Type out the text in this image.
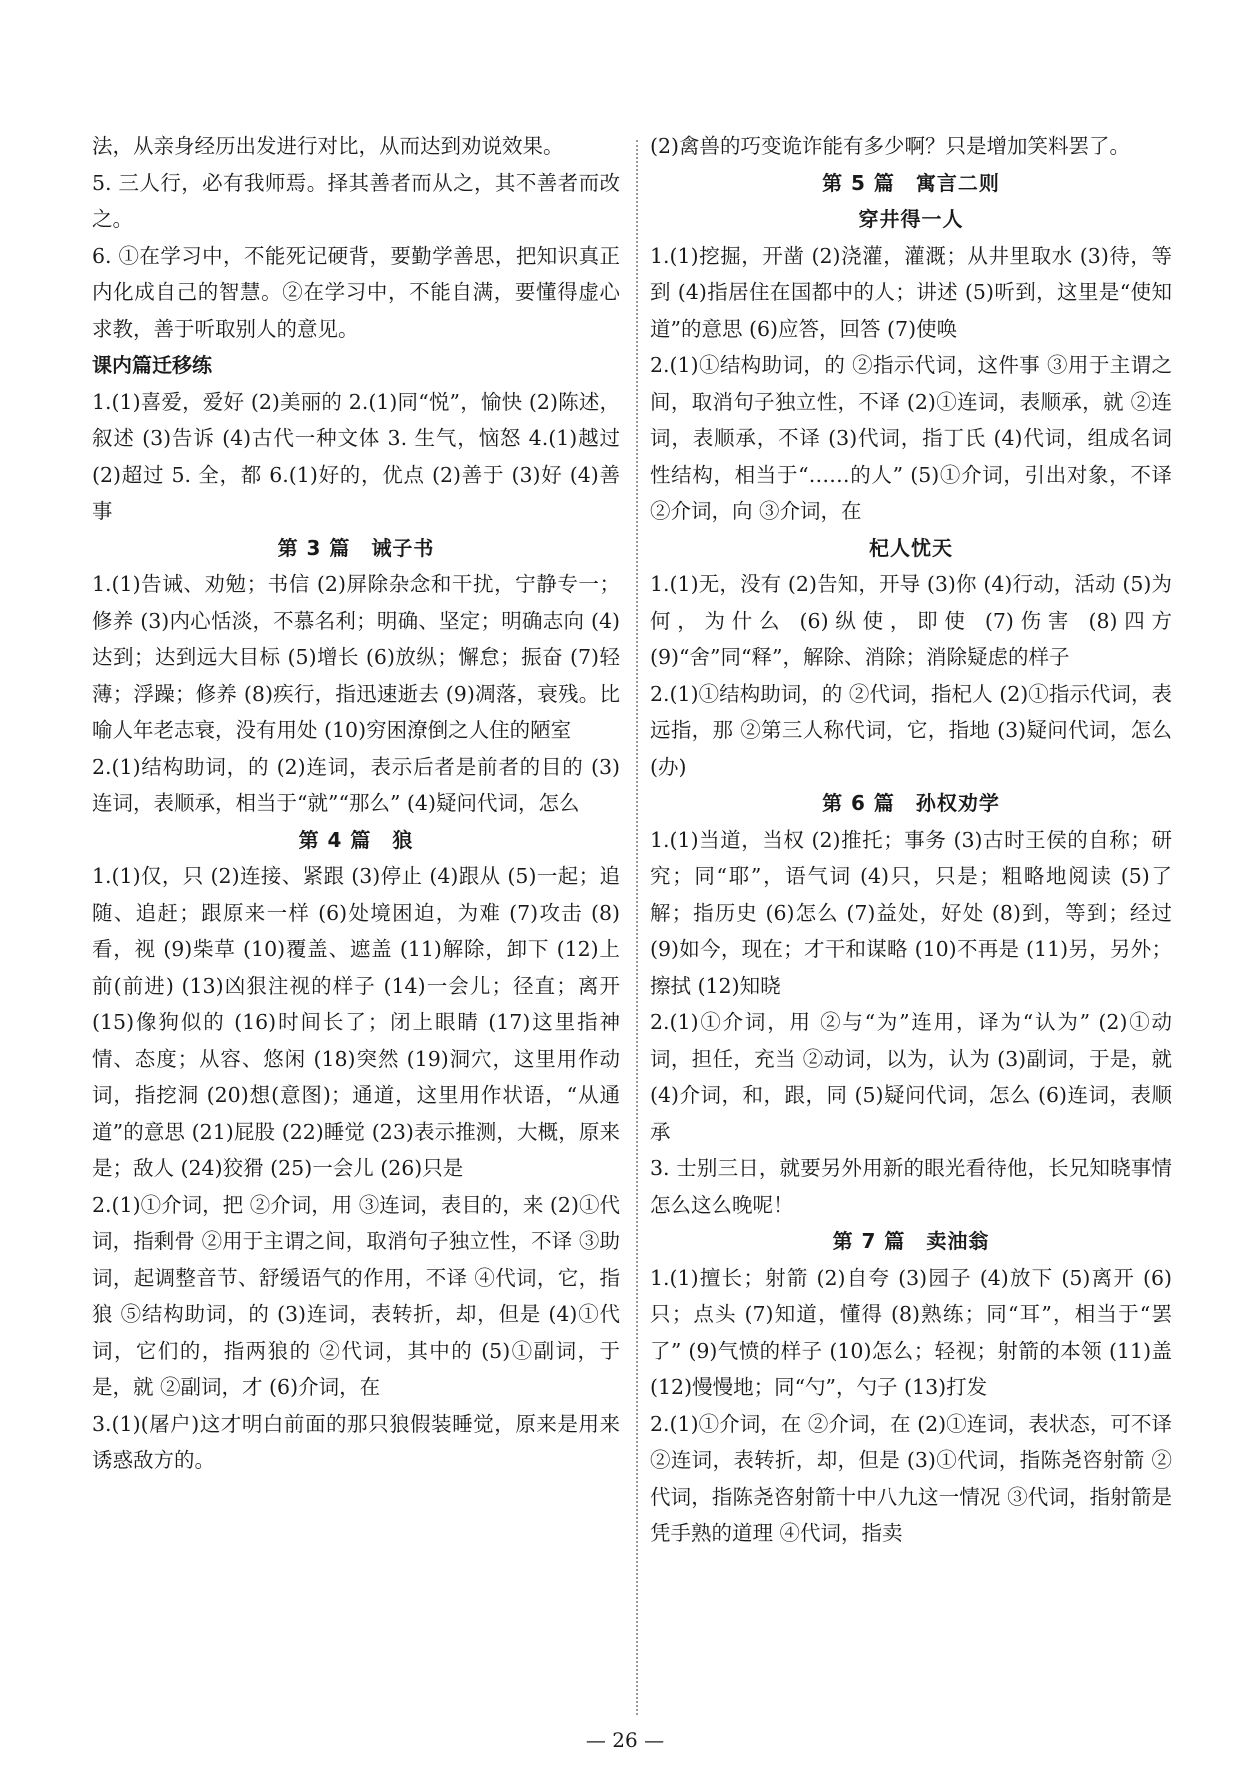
法，从亲身经历出发进行对比，从而达到劝说效果。
5. 三人行，必有我师焉。择其善者而从之，其不善者而改之。
6. ①在学习中，不能死记硬背，要勤学善思，把知识真正内化成自己的智慧。②在学习中，不能自满，要懂得虚心求教，善于听取别人的意见。
课内篇迁移练
1.(1)喜爱，爱好 (2)美丽的 2.(1)同“悦”，愉快 (2)陈述，叙述 (3)告诉 (4)古代一种文体 3. 生气，恼怒 4.(1)越过 (2)超过 5. 全，都 6.(1)好的，优点 (2)善于 (3)好 (4)善事
第 3 篇　诫子书
1.(1)告诫、劝勉；书信 (2)屏除杂念和干扰，宁静专一；修养 (3)内心恬淡，不慕名利；明确、坚定；明确志向 (4)达到；达到远大目标 (5)增长 (6)放纵；懈怠；振奋 (7)轻薄；浮躁；修养 (8)疾行，指迅速逝去 (9)凋落，衰残。比喻人年老志衰，没有用处 (10)穷困潦倒之人住的陋室
2.(1)结构助词，的 (2)连词，表示后者是前者的目的 (3)连词，表顺承，相当于“就”“那么” (4)疑问代词，怎么
第 4 篇　狼
1.(1)仅，只 (2)连接、紧跟 (3)停止 (4)跟从 (5)一起；追随、追赶；跟原来一样 (6)处境困迫，为难 (7)攻击 (8)看，视 (9)柴草 (10)覆盖、遮盖 (11)解除，卸下 (12)上前(前进) (13)凶狠注视的样子 (14)一会儿；径直；离开 (15)像狗似的 (16)时间长了；闭上眼睛 (17)这里指神情、态度；从容、悠闲 (18)突然 (19)洞穴，这里用作动词，指挖洞 (20)想(意图)；通道，这里用作状语，“从通道”的意思 (21)屁股 (22)睡觉 (23)表示推测，大概，原来是；敌人 (24)狡猾 (25)一会儿 (26)只是
2.(1)①介词，把 ②介词，用 ③连词，表目的，来 (2)①代词，指剩骨 ②用于主谓之间，取消句子独立性，不译 ③助词，起调整音节、舒缓语气的作用，不译 ④代词，它，指狼 ⑤结构助词，的 (3)连词，表转折，却，但是 (4)①代词，它们的，指两狼的 ②代词，其中的 (5)①副词，于是，就 ②副词，才 (6)介词，在
3.(1)(屠户)这才明白前面的那只狼假装睡觉，原来是用来诱惑敌方的。
(2)禽兽的巧变诡诈能有多少啊？只是增加笑料罢了。
第 5 篇　寓言二则
穿井得一人
1.(1)挖掘，开凿 (2)浇灌，灌溉；从井里取水 (3)待，等到 (4)指居住在国都中的人；讲述 (5)听到，这里是“使知道”的意思 (6)应答，回答 (7)使唤
2.(1)①结构助词，的 ②指示代词，这件事 ③用于主谓之间，取消句子独立性，不译 (2)①连词，表顺承，就 ②连词，表顺承，不译 (3)代词，指丁氏 (4)代词，组成名词性结构，相当于“……的人” (5)①介词，引出对象，不译 ②介词，向 ③介词，在
杞人忧天
1.(1)无，没有 (2)告知，开导 (3)你 (4)行动，活动 (5)为何，为什么 (6)纵使，即使 (7)伤害 (8)四方 (9)“舍”同“释”，解除、消除；消除疑虑的样子
2.(1)①结构助词，的 ②代词，指杞人 (2)①指示代词，表远指，那 ②第三人称代词，它，指地 (3)疑问代词，怎么(办)
第 6 篇　孙权劝学
1.(1)当道，当权 (2)推托；事务 (3)古时王侯的自称；研究；同“耶”，语气词 (4)只，只是；粗略地阅读 (5)了解；指历史 (6)怎么 (7)益处，好处 (8)到，等到；经过 (9)如今，现在；才干和谋略 (10)不再是 (11)另，另外；擦拭 (12)知晓
2.(1)①介词，用 ②与“为”连用，译为“认为” (2)①动词，担任，充当 ②动词，以为，认为 (3)副词，于是，就 (4)介词，和，跟，同 (5)疑问代词，怎么 (6)连词，表顺承
3. 士别三日，就要另外用新的眼光看待他，长兄知晓事情怎么这么晚呢！
第 7 篇　卖油翁
1.(1)擅长；射箭 (2)自夸 (3)园子 (4)放下 (5)离开 (6)只；点头 (7)知道，懂得 (8)熟练；同“耳”，相当于“罢了” (9)气愤的样子 (10)怎么；轻视；射箭的本领 (11)盖 (12)慢慢地；同“勺”，勺子 (13)打发
2.(1)①介词，在 ②介词，在 (2)①连词，表状态，可不译 ②连词，表转折，却，但是 (3)①代词，指陈尧咨射箭 ②代词，指陈尧咨射箭十中八九这一情况 ③代词，指射箭是凭手熟的道理 ④代词，指卖
— 26 —
